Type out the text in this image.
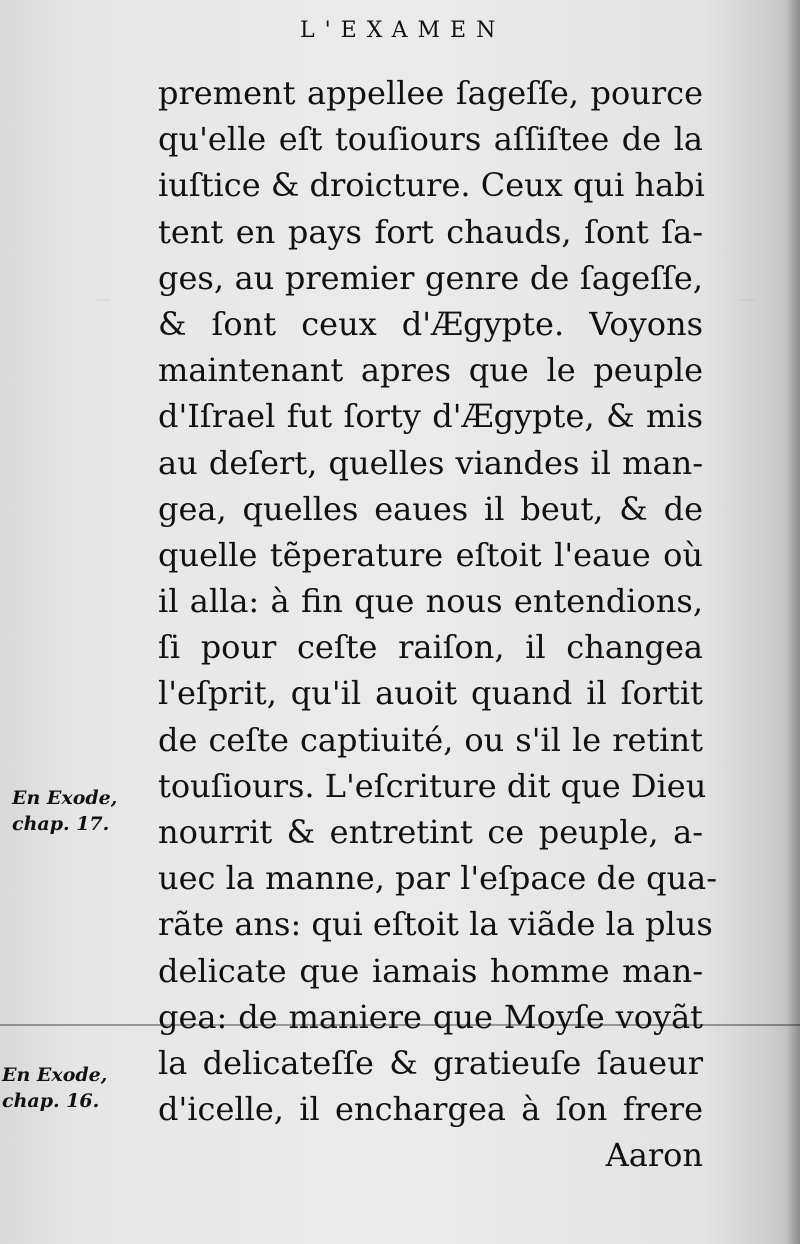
—	—
L'EXAMEN
prement appellee ſageſſe, pource
qu'elle eſt touſiours aſſiſtee de la
iuſtice & droicture. Ceux qui habi
tent en pays fort chauds, ſont ſa-
ges, au premier genre de ſageſſe,
& ſont ceux d'Ægypte. Voyons
maintenant apres que le peuple
d'Iſrael fut ſorty d'Ægypte, & mis
au deſert, quelles viandes il man-
gea, quelles eaues il beut, & de
quelle tẽperature eſtoit l'eaue où
il alla: à fin que nous entendions,
ſi pour ceſte raiſon, il changea
l'eſprit, qu'il auoit quand il ſortit
de ceſte captiuité, ou s'il le retint
touſiours. L'eſcriture dit que Dieu
nourrit & entretint ce peuple, a-
uec la manne, par l'eſpace de qua-
rãte ans: qui eſtoit la viãde la plus
delicate que iamais homme man-
gea: de maniere que Moyſe voyãt
la delicateſſe & gratieuſe ſaueur
d'icelle, il enchargea à ſon frere
Aaron
En Exode,
chap. 17.
En Exode,
chap. 16.
